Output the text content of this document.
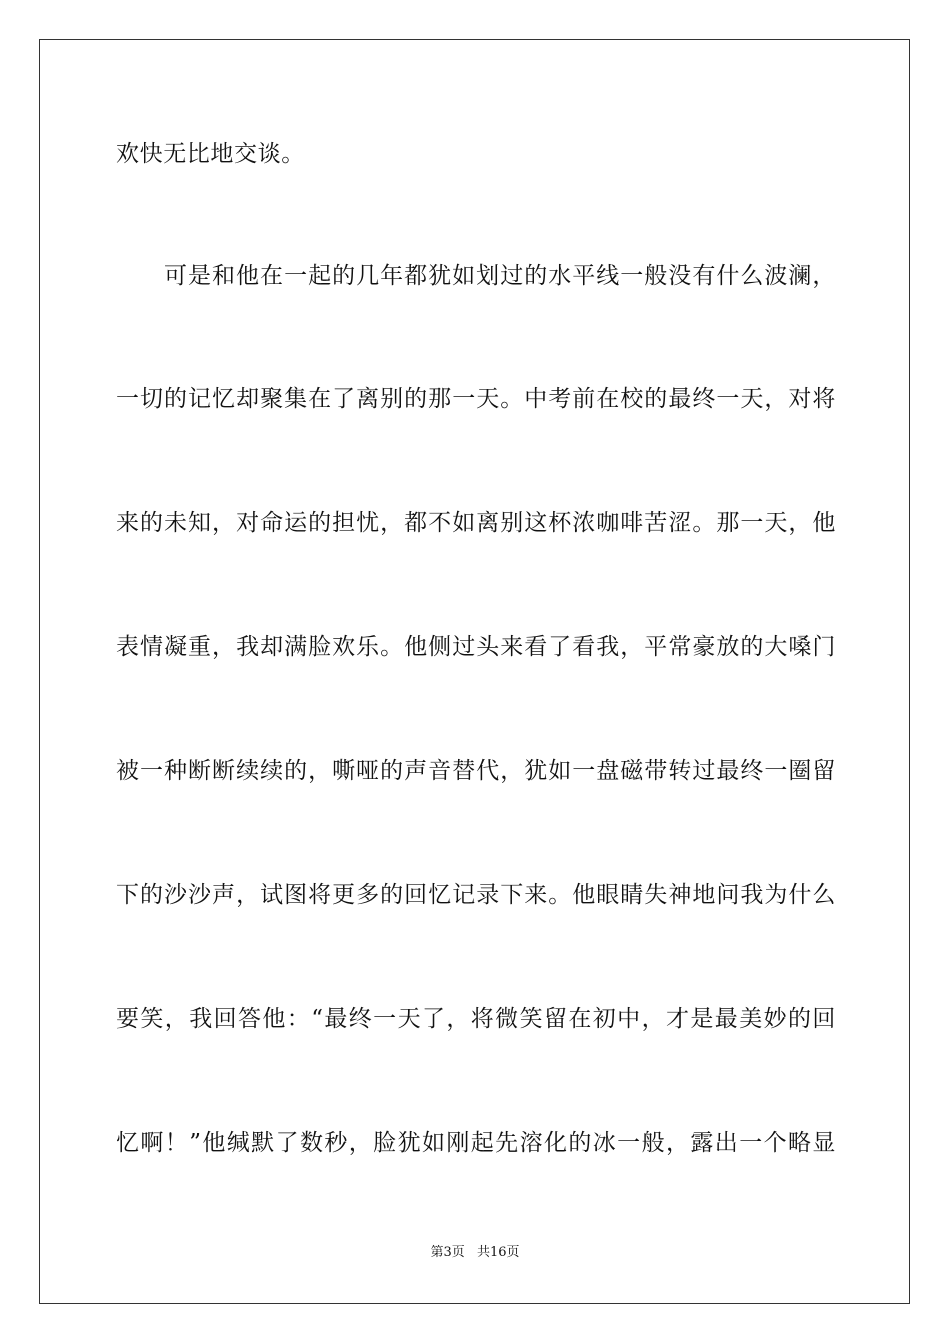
欢快无比地交谈。
可是和他在一起的几年都犹如划过的水平线一般没有什么波澜，
一切的记忆却聚集在了离别的那一天。中考前在校的最终一天，对将
来的未知，对命运的担忧，都不如离别这杯浓咖啡苦涩。那一天，他
表情凝重，我却满脸欢乐。他侧过头来看了看我，平常豪放的大嗓门
被一种断断续续的，嘶哑的声音替代，犹如一盘磁带转过最终一圈留
下的沙沙声，试图将更多的回忆记录下来。他眼睛失神地问我为什么
要笑，我回答他：“最终一天了，将微笑留在初中，才是最美妙的回
忆啊！”他缄默了数秒，脸犹如刚起先溶化的冰一般，露出一个略显
第3页 共16页
